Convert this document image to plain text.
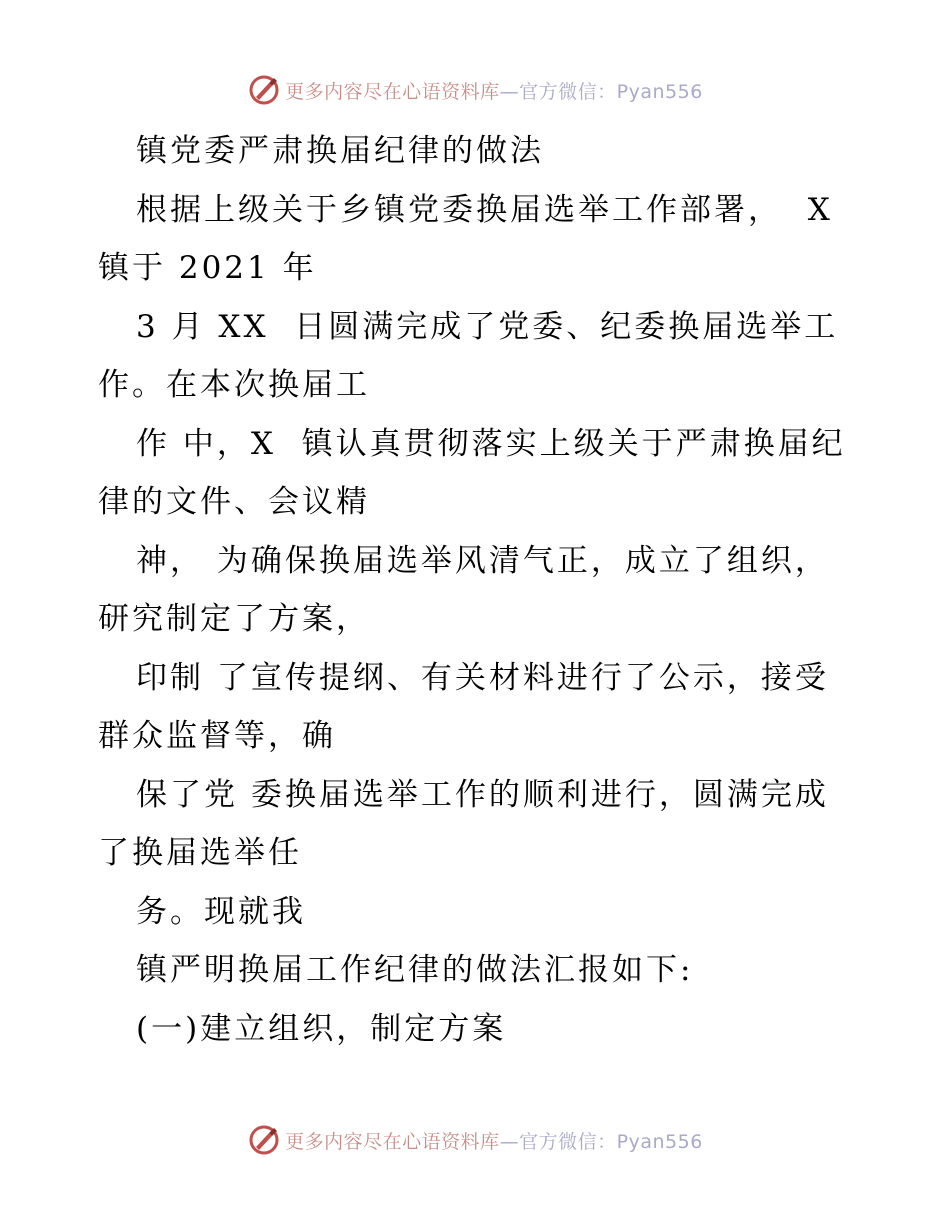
更多内容尽在心语资料库—官方微信：Pyan556
镇党委严肃换届纪律的做法
根据上级关于乡镇党委换届选举工作部署，  X
镇于 2021 年
3 月 XX  日圆满完成了党委、纪委换届选举工
作。在本次换届工
作 中，X  镇认真贯彻落实上级关于严肃换届纪
律的文件、会议精
神， 为确保换届选举风清气正，成立了组织，
研究制定了方案，
印制 了宣传提纲、有关材料进行了公示，接受
群众监督等，确
保了党 委换届选举工作的顺利进行，圆满完成
了换届选举任
务。现就我
镇严明换届工作纪律的做法汇报如下:
(一)建立组织，制定方案
更多内容尽在心语资料库—官方微信：Pyan556
